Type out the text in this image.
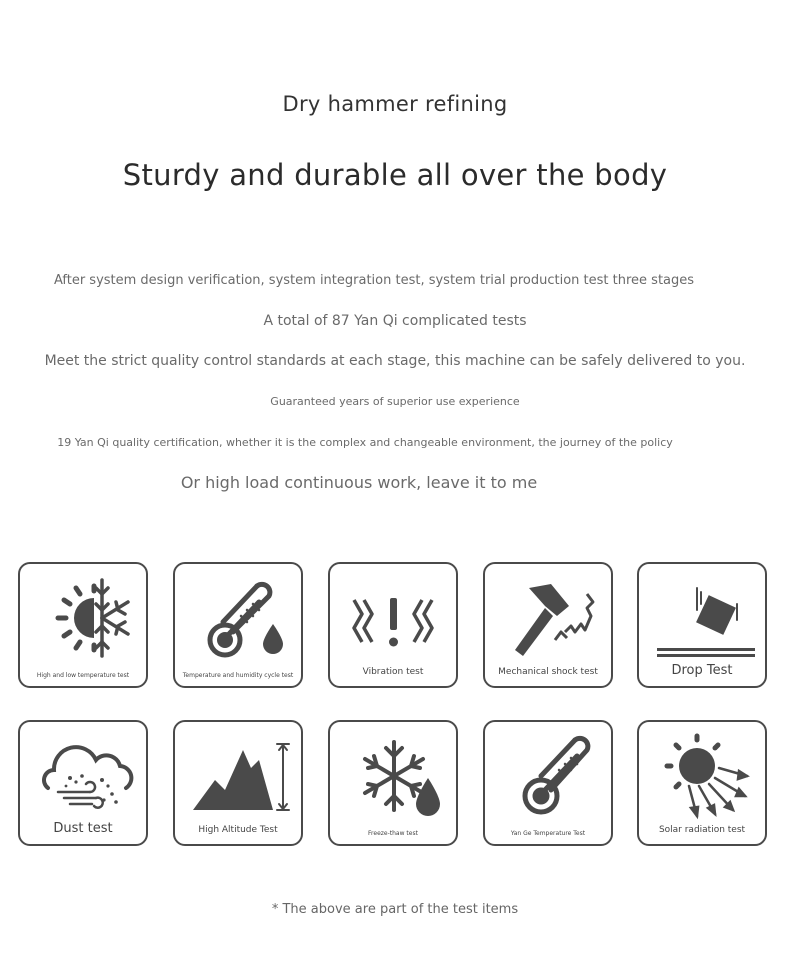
Dry hammer refining
Sturdy and durable all over the body
After system design verification, system integration test, system trial production test three stages
A total of 87 Yan Qi complicated tests
Meet the strict quality control standards at each stage, this machine can be safely delivered to you.
Guaranteed years of superior use experience
19 Yan Qi quality certification, whether it is the complex and changeable environment, the journey of the policy
Or high load continuous work, leave it to me
High and low temperature test	Temperature and humidity cycle test	Vibration test	Mechanical shock test	Drop Test
Dust test	High Altitude Test	Freeze-thaw test	Yan Ge Temperature Test	Solar radiation test
* The above are part of the test items
